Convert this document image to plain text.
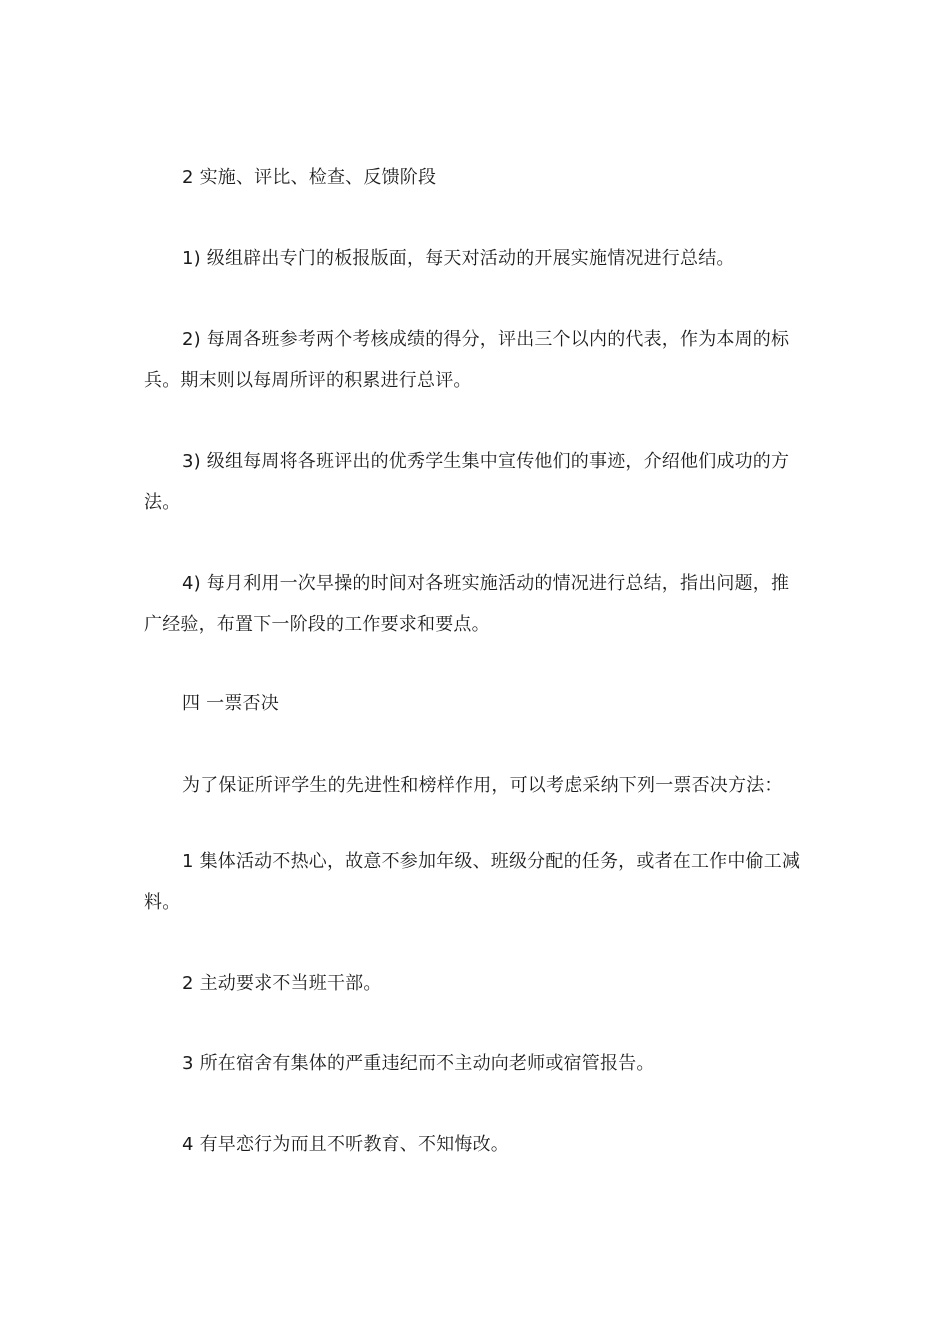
2 实施、评比、检查、反馈阶段

1) 级组辟出专门的板报版面，每天对活动的开展实施情况进行总结。

2) 每周各班参考两个考核成绩的得分，评出三个以内的代表，作为本周的标兵。期末则以每周所评的积累进行总评。

3) 级组每周将各班评出的优秀学生集中宣传他们的事迹，介绍他们成功的方法。

4) 每月利用一次早操的时间对各班实施活动的情况进行总结，指出问题，推广经验，布置下一阶段的工作要求和要点。

四 一票否决

为了保证所评学生的先进性和榜样作用，可以考虑采纳下列一票否决方法：

1 集体活动不热心，故意不参加年级、班级分配的任务，或者在工作中偷工减料。

2 主动要求不当班干部。

3 所在宿舍有集体的严重违纪而不主动向老师或宿管报告。

4 有早恋行为而且不听教育、不知悔改。
